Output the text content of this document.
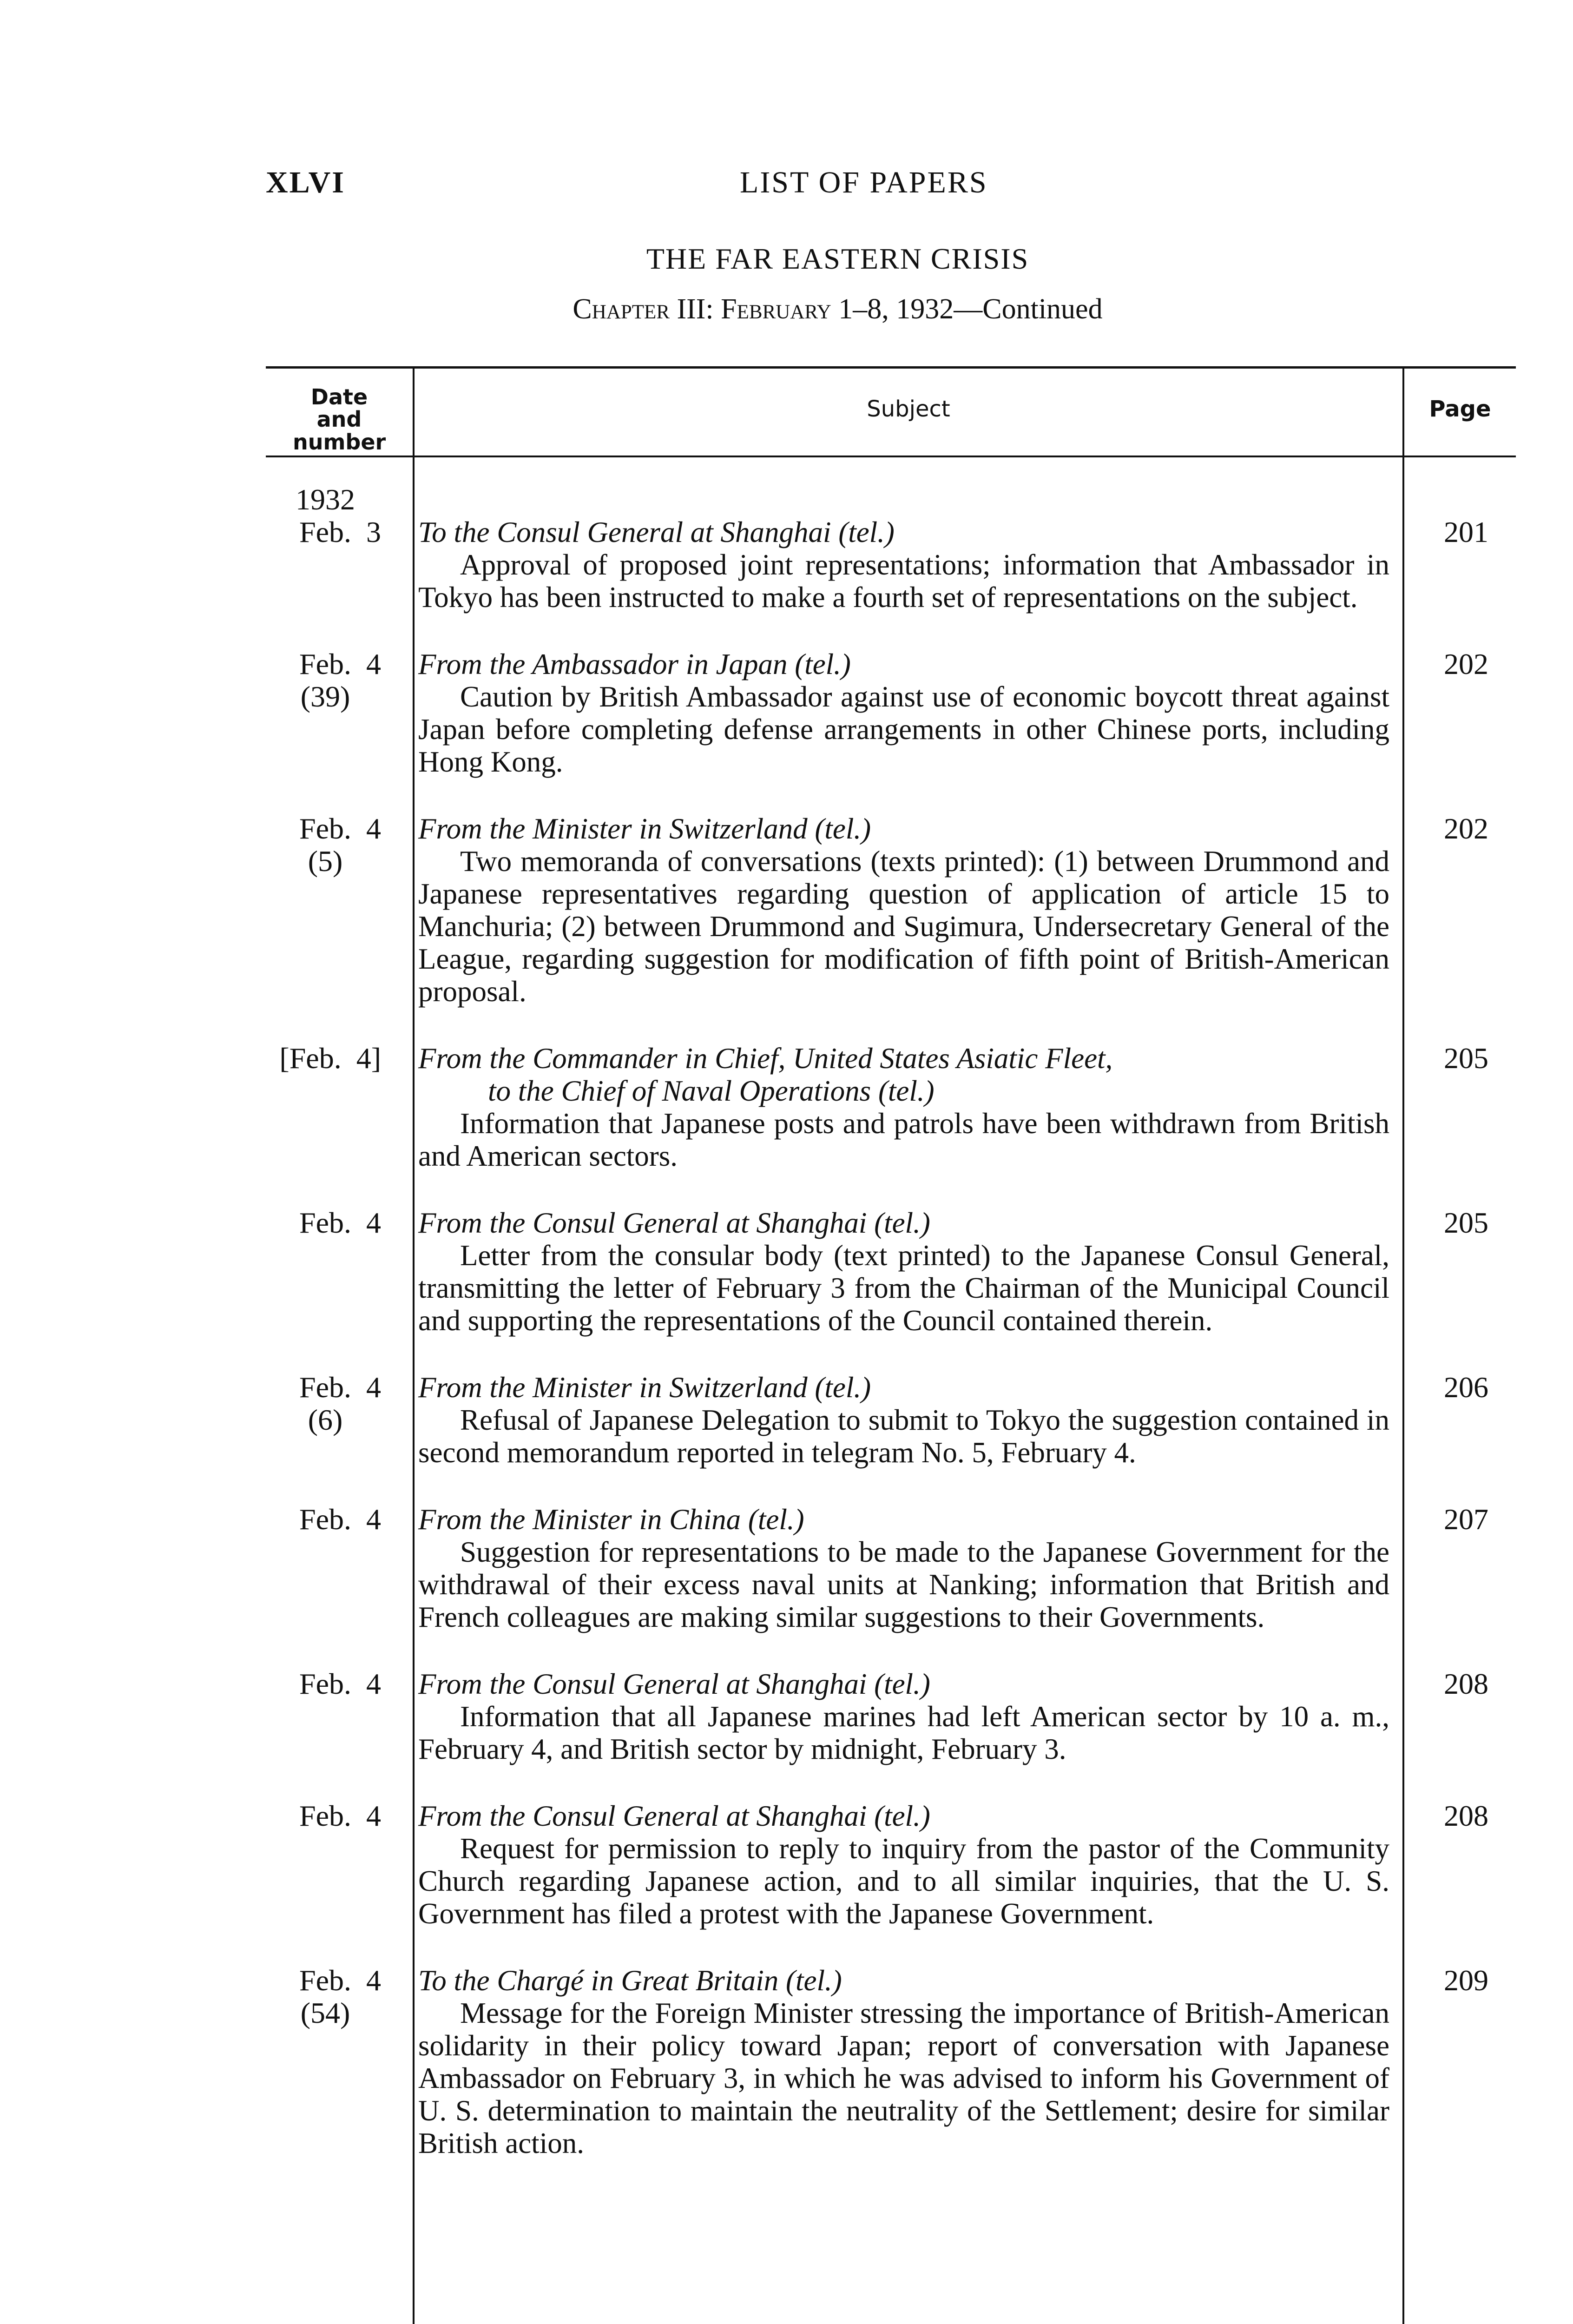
XLVI	LIST OF PAPERS
THE FAR EASTERN CRISIS
Chapter III: February 1–8, 1932—Continued
Date and number
Subject	Page
1932
Feb.  3 To the Consul General at Shanghai (tel.)
Approval of proposed joint representations; information that Ambassador in Tokyo has been instructed to make a fourth set of representations on the subject.
201
Feb.  4
(39)
From the Ambassador in Japan (tel.)
Caution by British Ambassador against use of economic boycott threat against Japan before completing defense arrangements in other Chinese ports, including Hong Kong.
202
Feb.  4
(5)
From the Minister in Switzerland (tel.)
Two memoranda of conversations (texts printed): (1) between Drummond and Japanese representatives regarding question of application of article 15 to Manchuria; (2) between Drummond and Sugimura, Undersecretary General of the League, regarding suggestion for modification of fifth point of British-American proposal.
202
[Feb.  4] From the Commander in Chief, United States Asiatic Fleet,
to the Chief of Naval Operations (tel.)
Information that Japanese posts and patrols have been withdrawn from British and American sectors.
205
Feb.  4 From the Consul General at Shanghai (tel.)
Letter from the consular body (text printed) to the Japanese Consul General, transmitting the letter of February 3 from the Chairman of the Municipal Council and supporting the representations of the Council contained therein.
205
Feb.  4
(6)
From the Minister in Switzerland (tel.)
Refusal of Japanese Delegation to submit to Tokyo the suggestion contained in second memorandum reported in telegram No. 5, February 4.
206
Feb.  4 From the Minister in China (tel.)
Suggestion for representations to be made to the Japanese Government for the withdrawal of their excess naval units at Nanking; information that British and French colleagues are making similar suggestions to their Governments.
207
Feb.  4 From the Consul General at Shanghai (tel.)
Information that all Japanese marines had left American sector by 10 a. m., February 4, and British sector by midnight, February 3.
208
Feb.  4 From the Consul General at Shanghai (tel.)
Request for permission to reply to inquiry from the pastor of the Community Church regarding Japanese action, and to all similar inquiries, that the U. S. Government has filed a protest with the Japanese Government.
208
Feb.  4
(54)
To the Chargé in Great Britain (tel.)
Message for the Foreign Minister stressing the importance of British-American solidarity in their policy toward Japan; report of conversation with Japanese Ambassador on February 3, in which he was advised to inform his Government of U. S. determination to maintain the neutrality of the Settlement; desire for similar British action.
209
